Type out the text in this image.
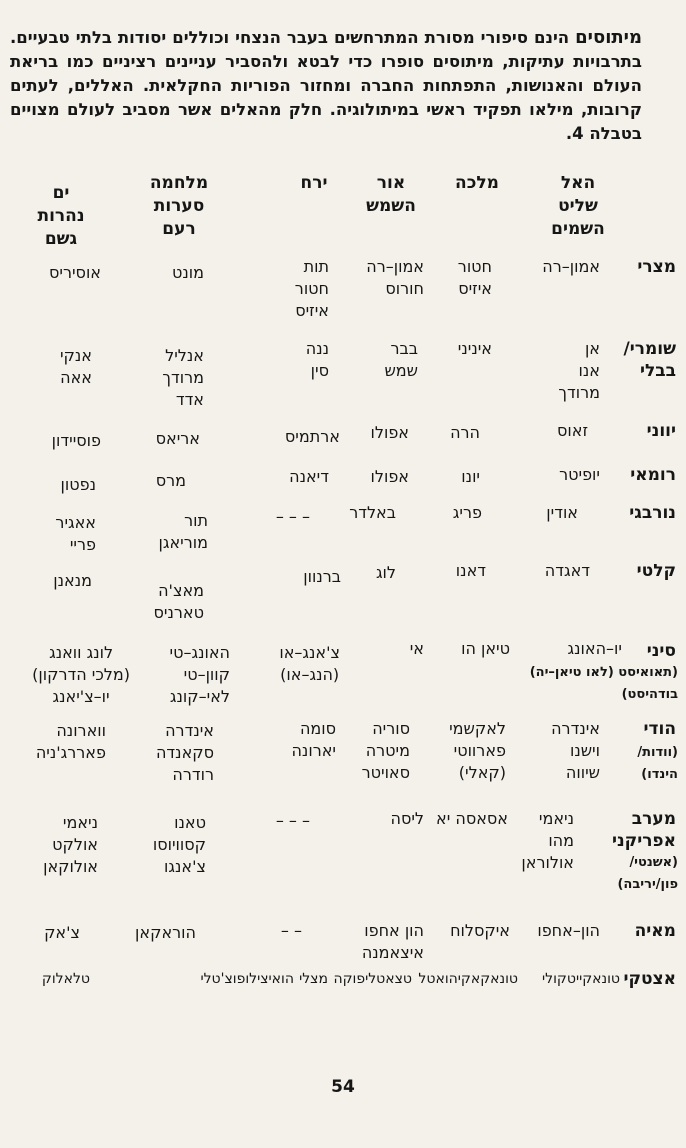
מיתוסים הינם סיפורי מסורת המתרחשים בעבר הנצחי וכוללים יסודות בלתי טבעיים. בתרבויות עתיקות, מיתוסים סופרו כדי לבטא ולהסביר עניינים רציניים כמו בריאת העולם והאנושות, התפתחות החברה ומחזור הפוריות החקלאית. האללים, לעתים קרובות, מילאו תפקיד ראשי במיתולוגיה. חלק מהאלים אשר מסביב לעולם מצויים בטבלה 4.
האל
שליט
השמים
מלכה
אור
השמש
ירח
מלחמה
סערות
רעם
ים
נהרות
גשם
מצרי
אמון–רה
חטור
איזיס
אמון–רה
חורוס
תות
חטור
איזיס
מונט
אוסיריס
שומרי/
בבלי
אן
אנו
מרודך
איניני
בבר
שמש
ננה
סין
אנליל
מרודך
אדד
אנקי
אאה
יווני
זאוס
הרה
אפולו
ארתמיס
אריאס
פוסיידון
רומאי
יופיטר
יונו
אפולו
דיאנה
מרס
נפטון
נורבגי
אודין
פריג
באלדר
– – –
תור
מוריאגן
אאגיר
פריי
קלטי
דאגדה
דאנו
לוג
ברנוון
מאצ'ה
טארניס
מנאנן
סיני
יו–האונג
טיאן הו
אי
צ'אנג–או
(הנג–או)
האונג–טי
קוון–טי
לאי–קונג
לונג וואנג
(מלכי הדרקון)
יו–צ'יאנג
(תאואיסט (לאו טיאן–יה)
בודהיסט)
הודי
אינדרה
וישנו
שיווה
לאקשמי
פארווטי
(קאלי)
סוריה
מיטרה
סאויטר
סומה
יארונה
אינדרה
סקאנדה
רודרה
ווארונה
פאררג'ניה	(וודות/
הינדו)
מערב
אפריקני
ניאמי
מהו
אולוראן
אסאסה יא
ליסה
– – –
טאנו
קסוויוסו
צ'אנגו
ניאמי
אולקט
אולוקאן	(אשנטי/
פון/יריבה)
מאיה
הון–אחפו
איקסלוח
הון אחפו
איצאמנה
– –
הוראקאן
צ'אק
אצטקי
טונאקייטקולי
טונאקאקיהואטל
טצאטליפוקה
מצלי
הואיצילופוצ'טלי
טלאלוק
54
